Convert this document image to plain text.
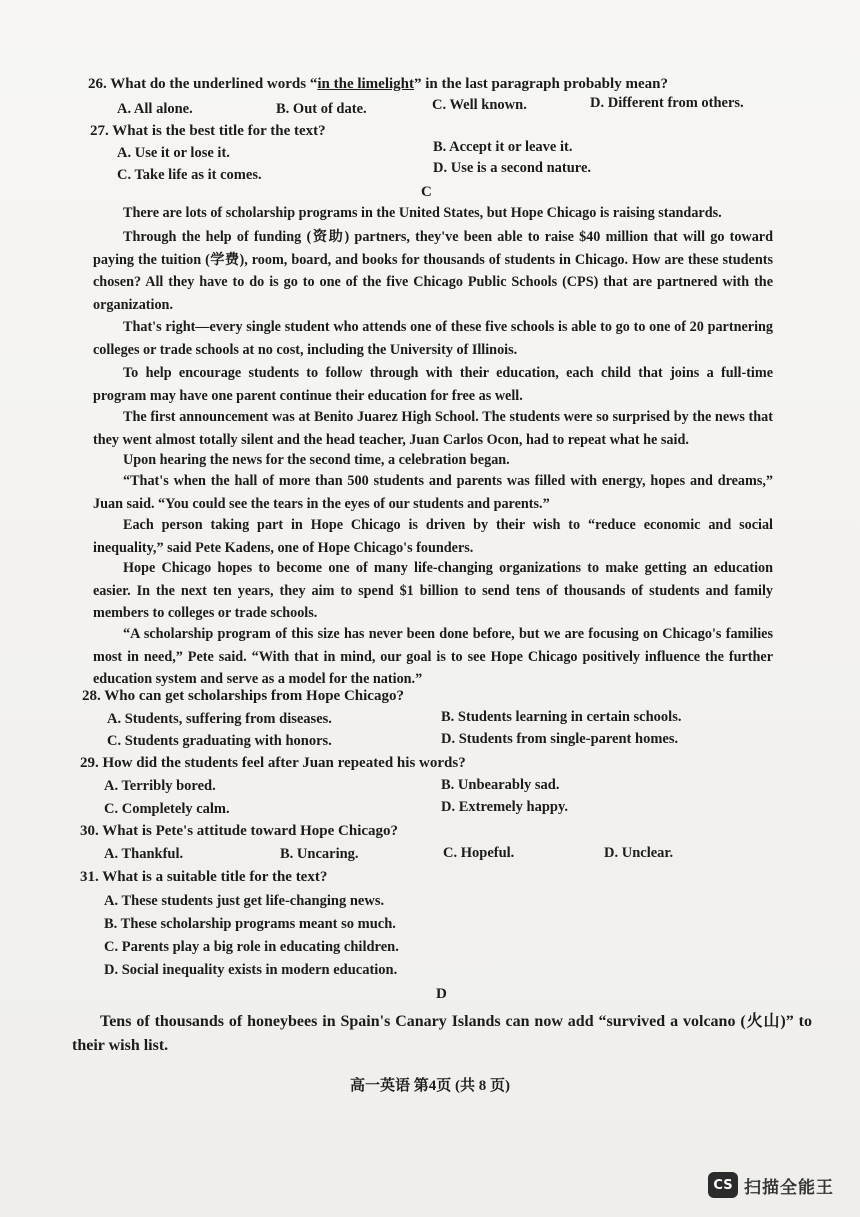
26. What do the underlined words “in the limelight” in the last paragraph probably mean?
A. All alone.	B. Out of date.	C. Well known.	D. Different from others.
27. What is the best title for the text?
A. Use it or lose it.	B. Accept it or leave it.
C. Take life as it comes.	D. Use is a second nature.
C

There are lots of scholarship programs in the United States, but Hope Chicago is raising standards.

Through the help of funding (资助) partners, they've been able to raise $40 million that will go toward paying the tuition (学费), room, board, and books for thousands of students in Chicago. How are these students chosen? All they have to do is go to one of the five Chicago Public Schools (CPS) that are partnered with the organization.

That's right—every single student who attends one of these five schools is able to go to one of 20 partnering colleges or trade schools at no cost, including the University of Illinois.

To help encourage students to follow through with their education, each child that joins a full-time program may have one parent continue their education for free as well.

The first announcement was at Benito Juarez High School. The students were so surprised by the news that they went almost totally silent and the head teacher, Juan Carlos Ocon, had to repeat what he said.

Upon hearing the news for the second time, a celebration began.

“That's when the hall of more than 500 students and parents was filled with energy, hopes and dreams,” Juan said. “You could see the tears in the eyes of our students and parents.”

Each person taking part in Hope Chicago is driven by their wish to “reduce economic and social inequality,” said Pete Kadens, one of Hope Chicago's founders.

Hope Chicago hopes to become one of many life-changing organizations to make getting an education easier. In the next ten years, they aim to spend $1 billion to send tens of thousands of students and family members to colleges or trade schools.

“A scholarship program of this size has never been done before, but we are focusing on Chicago's families most in need,” Pete said. “With that in mind, our goal is to see Hope Chicago positively influence the further education system and serve as a model for the nation.”

28. Who can get scholarships from Hope Chicago?
A. Students, suffering from diseases.	B. Students learning in certain schools.
C. Students graduating with honors.	D. Students from single-parent homes.
29. How did the students feel after Juan repeated his words?
A. Terribly bored.	B. Unbearably sad.
C. Completely calm.	D. Extremely happy.
30. What is Pete's attitude toward Hope Chicago?
A. Thankful.	B. Uncaring.	C. Hopeful.	D. Unclear.
31. What is a suitable title for the text?
A. These students just get life-changing news.
B. These scholarship programs meant so much.
C. Parents play a big role in educating children.
D. Social inequality exists in modern education.
D

Tens of thousands of honeybees in Spain's Canary Islands can now add “survived a volcano (火山)” to their wish list.

高一英语 第4页 (共 8 页)
CS 扫描全能王
